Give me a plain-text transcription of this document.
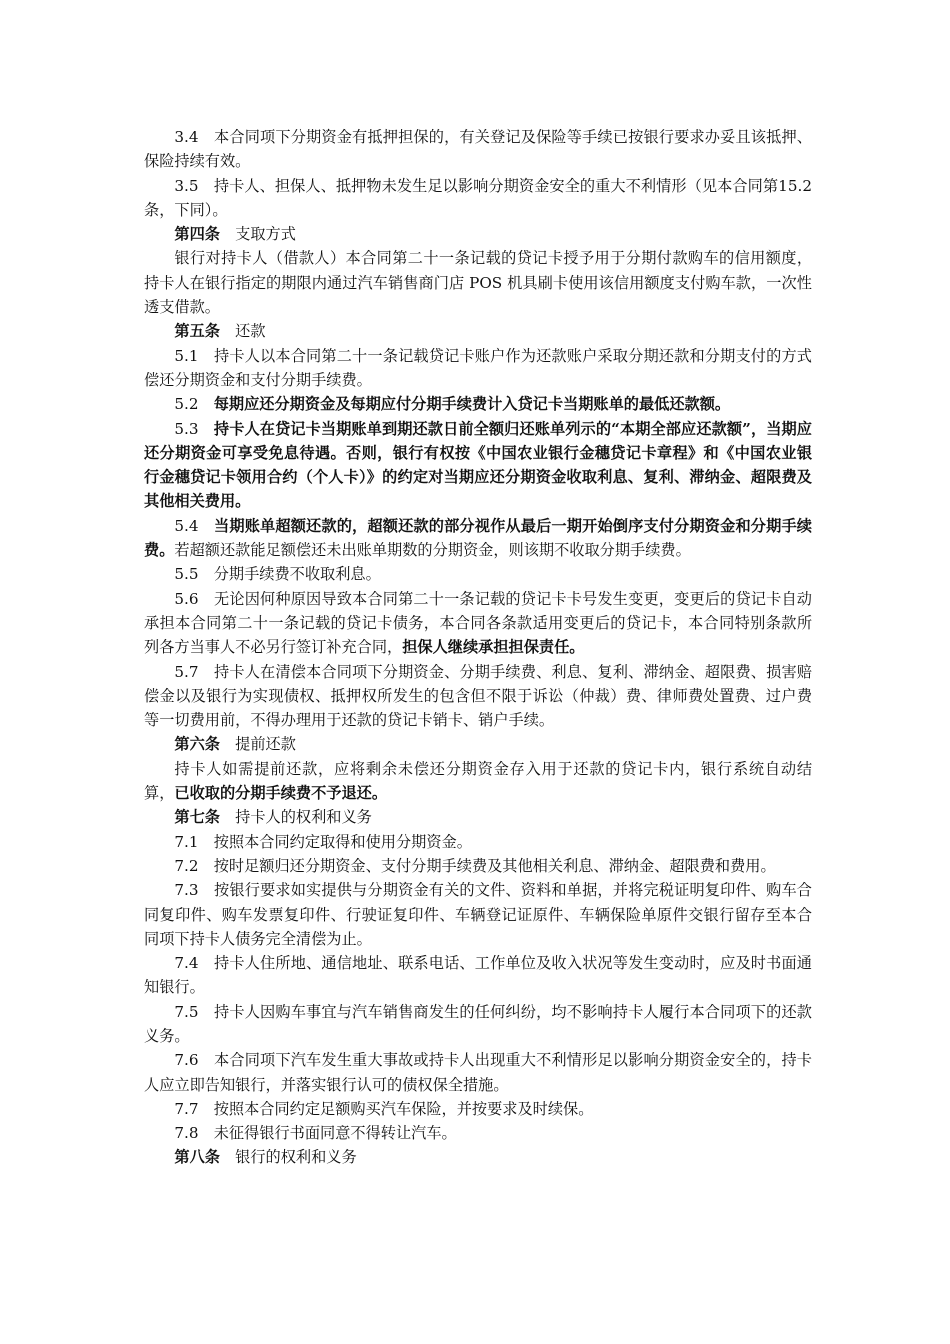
3.4　本合同项下分期资金有抵押担保的，有关登记及保险等手续已按银行要求办妥且该抵押、保险持续有效。
3.5　持卡人、担保人、抵押物未发生足以影响分期资金安全的重大不利情形（见本合同第15.2条，下同）。
第四条 支取方式
银行对持卡人（借款人）本合同第二十一条记载的贷记卡授予用于分期付款购车的信用额度，持卡人在银行指定的期限内通过汽车销售商门店 POS 机具刷卡使用该信用额度支付购车款，一次性透支借款。
第五条 还款
5.1　持卡人以本合同第二十一条记载贷记卡账户作为还款账户采取分期还款和分期支付的方式偿还分期资金和支付分期手续费。
5.2　每期应还分期资金及每期应付分期手续费计入贷记卡当期账单的最低还款额。
5.3　持卡人在贷记卡当期账单到期还款日前全额归还账单列示的“本期全部应还款额”，当期应还分期资金可享受免息待遇。否则，银行有权按《中国农业银行金穗贷记卡章程》和《中国农业银行金穗贷记卡领用合约（个人卡）》的约定对当期应还分期资金收取利息、复利、滞纳金、超限费及其他相关费用。
5.4　当期账单超额还款的，超额还款的部分视作从最后一期开始倒序支付分期资金和分期手续费。若超额还款能足额偿还未出账单期数的分期资金，则该期不收取分期手续费。
5.5　分期手续费不收取利息。
5.6　无论因何种原因导致本合同第二十一条记载的贷记卡卡号发生变更，变更后的贷记卡自动承担本合同第二十一条记载的贷记卡债务，本合同各条款适用变更后的贷记卡，本合同特别条款所列各方当事人不必另行签订补充合同，担保人继续承担担保责任。
5.7　持卡人在清偿本合同项下分期资金、分期手续费、利息、复利、滞纳金、超限费、损害赔偿金以及银行为实现债权、抵押权所发生的包含但不限于诉讼（仲裁）费、律师费处置费、过户费等一切费用前，不得办理用于还款的贷记卡销卡、销户手续。
第六条 提前还款
持卡人如需提前还款，应将剩余未偿还分期资金存入用于还款的贷记卡内，银行系统自动结算，已收取的分期手续费不予退还。
第七条 持卡人的权利和义务
7.1　按照本合同约定取得和使用分期资金。
7.2　按时足额归还分期资金、支付分期手续费及其他相关利息、滞纳金、超限费和费用。
7.3　按银行要求如实提供与分期资金有关的文件、资料和单据，并将完税证明复印件、购车合同复印件、购车发票复印件、行驶证复印件、车辆登记证原件、车辆保险单原件交银行留存至本合同项下持卡人债务完全清偿为止。
7.4　持卡人住所地、通信地址、联系电话、工作单位及收入状况等发生变动时，应及时书面通知银行。
7.5　持卡人因购车事宜与汽车销售商发生的任何纠纷，均不影响持卡人履行本合同项下的还款义务。
7.6　本合同项下汽车发生重大事故或持卡人出现重大不利情形足以影响分期资金安全的，持卡人应立即告知银行，并落实银行认可的债权保全措施。
7.7　按照本合同约定足额购买汽车保险，并按要求及时续保。
7.8　未征得银行书面同意不得转让汽车。
第八条 银行的权利和义务
